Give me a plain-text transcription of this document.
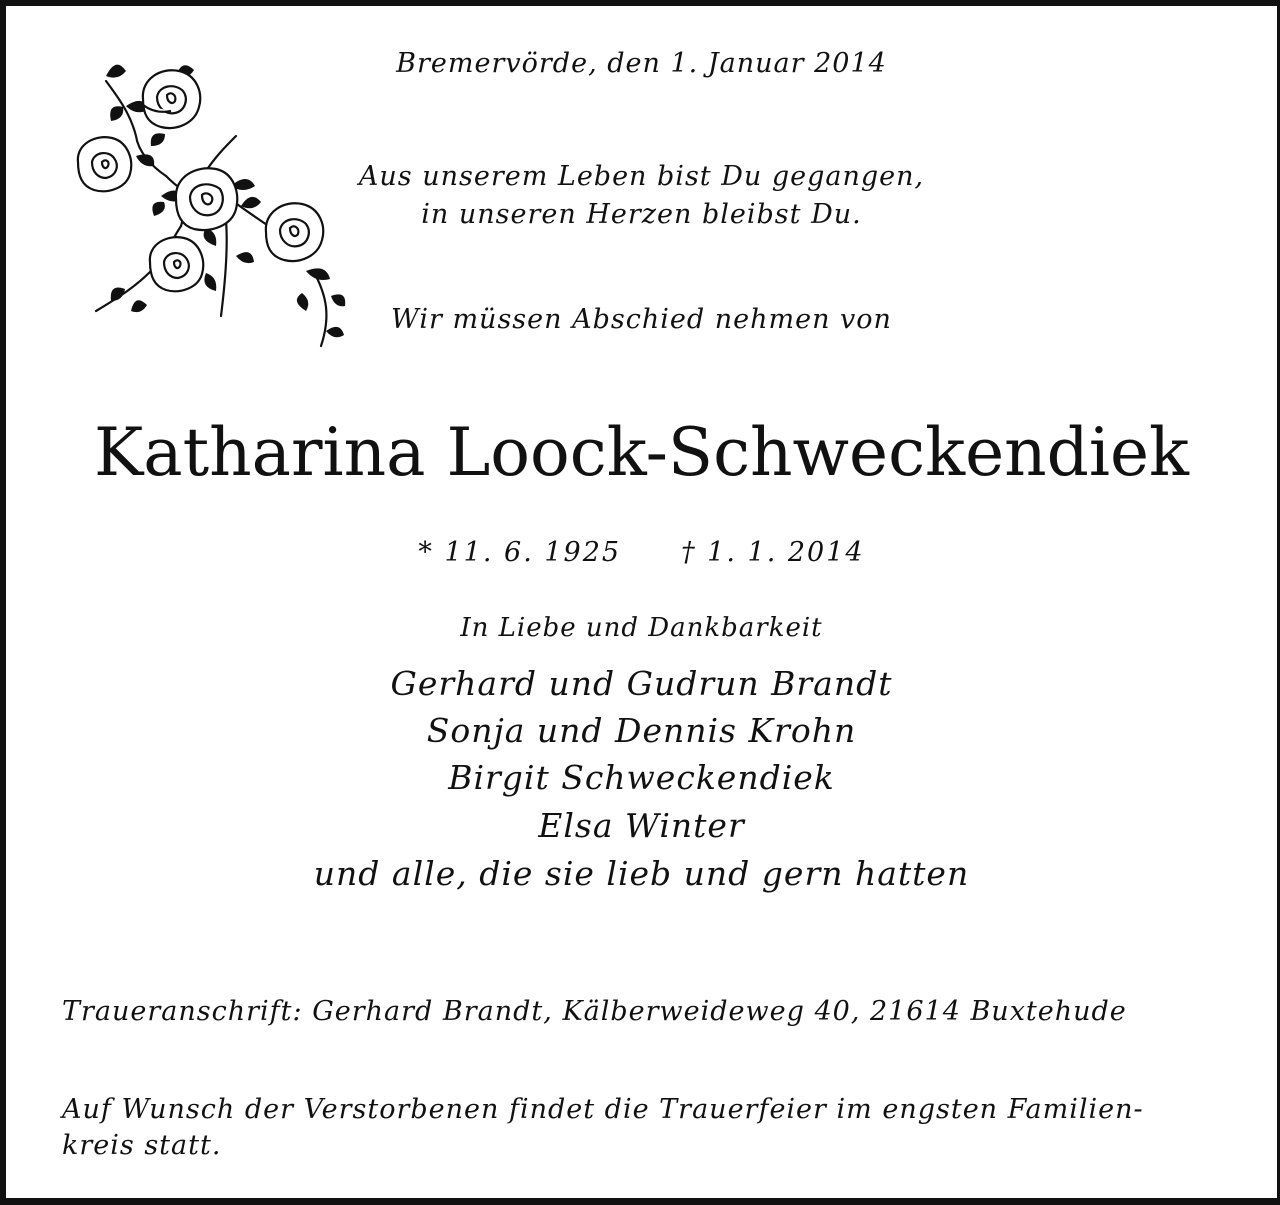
Bremervörde, den 1. Januar 2014
Aus unserem Leben bist Du gegangen,
in unseren Herzen bleibst Du.
Wir müssen Abschied nehmen von
Katharina Loock-Schweckendiek
* 11. 6. 1925 † 1. 1. 2014
In Liebe und Dankbarkeit
Gerhard und Gudrun Brandt
Sonja und Dennis Krohn
Birgit Schweckendiek
Elsa Winter
und alle, die sie lieb und gern hatten
Traueranschrift: Gerhard Brandt, Kälberweideweg 40, 21614 Buxtehude
Auf Wunsch der Verstorbenen findet die Trauerfeier im engsten Familien-
kreis statt.
